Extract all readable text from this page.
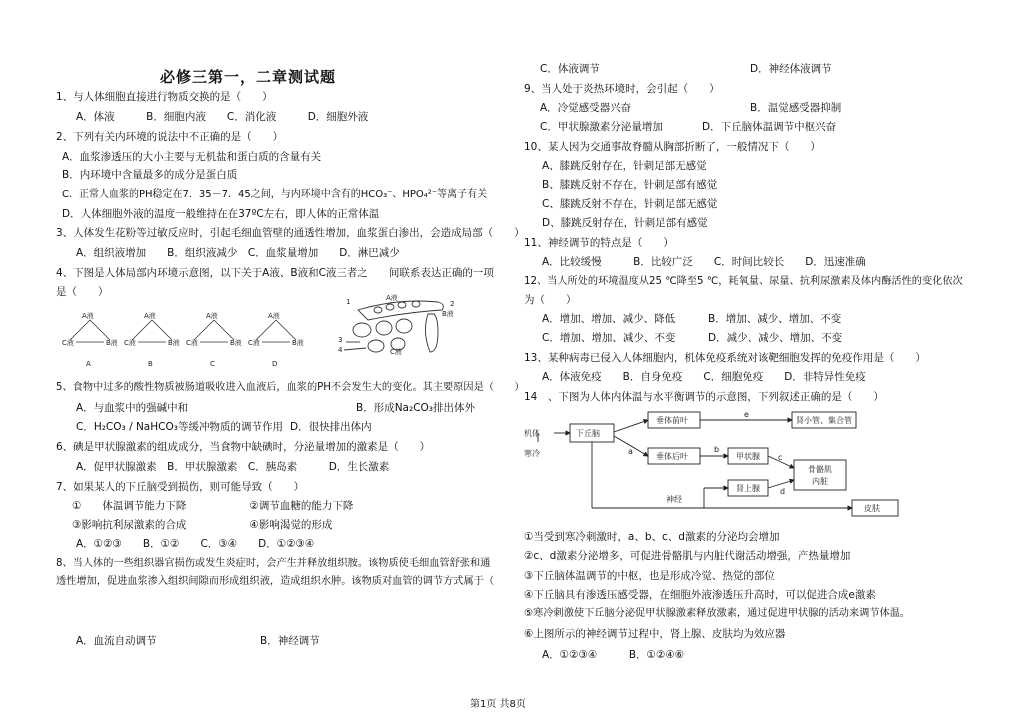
必修三第一，二章测试题
1、与人体细胞直接进行物质交换的是（　　）
A．体液　　　B．细胞内液　　C．消化液　　　D．细胞外液
2、下列有关内环境的说法中不正确的是（　　）
A．血浆渗透压的大小主要与无机盐和蛋白质的含量有关
B．内环境中含量最多的成分是蛋白质
C．正常人血浆的PH稳定在7．35－7．45之间，与内环境中含有的HCO₃⁻、HPO₄²⁻等离子有关
D．人体细胞外液的温度一般维持在在37ºC左右，即人体的正常体温
3、人体发生花粉等过敏反应时，引起毛细血管壁的通透性增加，血浆蛋白渗出，会造成局部（　　）
A．组织液增加　　B．组织液减少　C．血浆量增加　　D．淋巴减少
4、下图是人体局部内环境示意图，以下关于A液、B液和C液三者之　　间联系表达正确的一项
是（　　）
A液
C液	B液
A
A液
C液	B液
B
A液
C液	B液
C
A液
C液	B液
D
A液
B液
C液
1	2
3
4
5、食物中过多的酸性物质被肠道吸收进入血液后，血浆的PH不会发生大的变化。其主要原因是（　　）
A．与血浆中的强碱中和	B．形成Na₂CO₃排出体外
C．H₂CO₃ / NaHCO₃等缓冲物质的调节作用 D．很快排出体内
6、碘是甲状腺激素的组成成分，当食物中缺碘时，分泌量增加的激素是（　　）
A．促甲状腺激素　B．甲状腺激素　C．胰岛素　　　D．生长激素
7、如果某人的下丘脑受到损伤，则可能导致（　　）
①　　体温调节能力下降　　　　　　②调节血糖的能力下降
③影响抗利尿激素的合成　　　　　　④影响渴觉的形成
A．①②③　　B．①②　　C．③④　　D．①②③④
8、当人体的一些组织器官损伤或发生炎症时，会产生并释放组织胺。该物质使毛细血管舒张和通
透性增加，促进血浆渗入组织间隙而形成组织液，造成组织水肿。该物质对血管的调节方式属于（
A．血流自动调节	B．神经调节
C．体液调节	D．神经体液调节
9、当人处于炎热环境时，会引起（　　）
A．冷觉感受器兴奋	B．温觉感受器抑制
C．甲状腺激素分泌量增加	D．下丘脑体温调节中枢兴奋
10、某人因为交通事故脊髓从胸部折断了，一般情况下（　　）
A、膝跳反射存在，针刺足部无感觉
B、膝跳反射不存在，针刺足部有感觉
C、膝跳反射不存在，针刺足部无感觉
D、膝跳反射存在，针刺足部有感觉
11、神经调节的特点是（　　）
A．比较缓慢　　　B．比较广泛　　C．时间比较长　　D．迅速准确
12、当人所处的环境温度从25 ℃降至5 ℃，耗氧量、尿量、抗利尿激素及体内酶活性的变化依次
为（　　）
A．增加、增加、减少、降低	B．增加、减少、增加、不变
C．增加、增加、减少、不变	D．减少、减少、增加、不变
13、某种病毒已侵入人体细胞内，机体免疫系统对该靶细胞发挥的免疫作用是（　　）
A．体液免疫　　B．自身免疫　　C．细胞免疫　　D．非特异性免疫
14　、下图为人体内体温与水平衡调节的示意图，下列叙述正确的是（　　）
机体
寒冷
下丘脑
垂体前叶
垂体后叶	甲状腺
肾小管、集合管
骨骼肌
内脏
肾上腺
皮肤
神经
a	b
c
d
e
①当受到寒冷刺激时，a、b、c、d激素的分泌均会增加
②c、d激素分泌增多，可促进骨骼肌与内脏代谢活动增强，产热量增加
③下丘脑体温调节的中枢，也是形成冷觉、热觉的部位
④下丘脑具有渗透压感受器，在细胞外液渗透压升高时，可以促进合成e激素
⑤寒冷刺激使下丘脑分泌促甲状腺激素释放激素，通过促进甲状腺的活动来调节体温。
⑥上图所示的神经调节过程中，肾上腺、皮肤均为效应器
A．①②③④　　　B．①②④⑥
第1页 共8页
